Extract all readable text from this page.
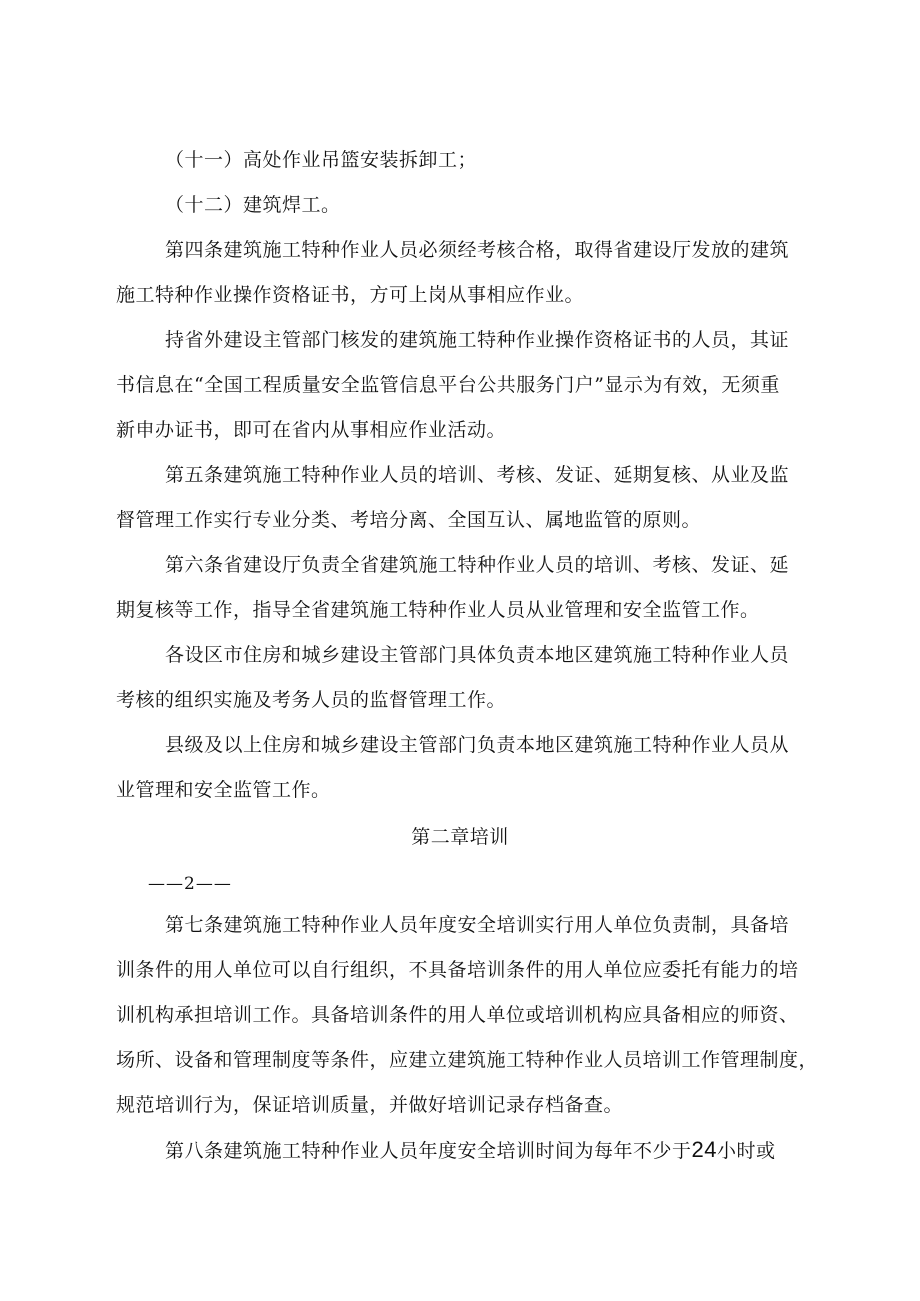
（十一）高处作业吊篮安装拆卸工；
（十二）建筑焊工。
第四条建筑施工特种作业人员必须经考核合格，取得省建设厅发放的建筑
施工特种作业操作资格证书，方可上岗从事相应作业。
持省外建设主管部门核发的建筑施工特种作业操作资格证书的人员，其证
书信息在“全国工程质量安全监管信息平台公共服务门户”显示为有效，无须重
新申办证书，即可在省内从事相应作业活动。
第五条建筑施工特种作业人员的培训、考核、发证、延期复核、从业及监
督管理工作实行专业分类、考培分离、全国互认、属地监管的原则。
第六条省建设厅负责全省建筑施工特种作业人员的培训、考核、发证、延
期复核等工作，指导全省建筑施工特种作业人员从业管理和安全监管工作。
各设区市住房和城乡建设主管部门具体负责本地区建筑施工特种作业人员
考核的组织实施及考务人员的监督管理工作。
县级及以上住房和城乡建设主管部门负责本地区建筑施工特种作业人员从
业管理和安全监管工作。
第二章培训
——2——
第七条建筑施工特种作业人员年度安全培训实行用人单位负责制，具备培
训条件的用人单位可以自行组织，不具备培训条件的用人单位应委托有能力的培
训机构承担培训工作。具备培训条件的用人单位或培训机构应具备相应的师资、
场所、设备和管理制度等条件，应建立建筑施工特种作业人员培训工作管理制度，
规范培训行为，保证培训质量，并做好培训记录存档备查。
第八条建筑施工特种作业人员年度安全培训时间为每年不少于24小时或
